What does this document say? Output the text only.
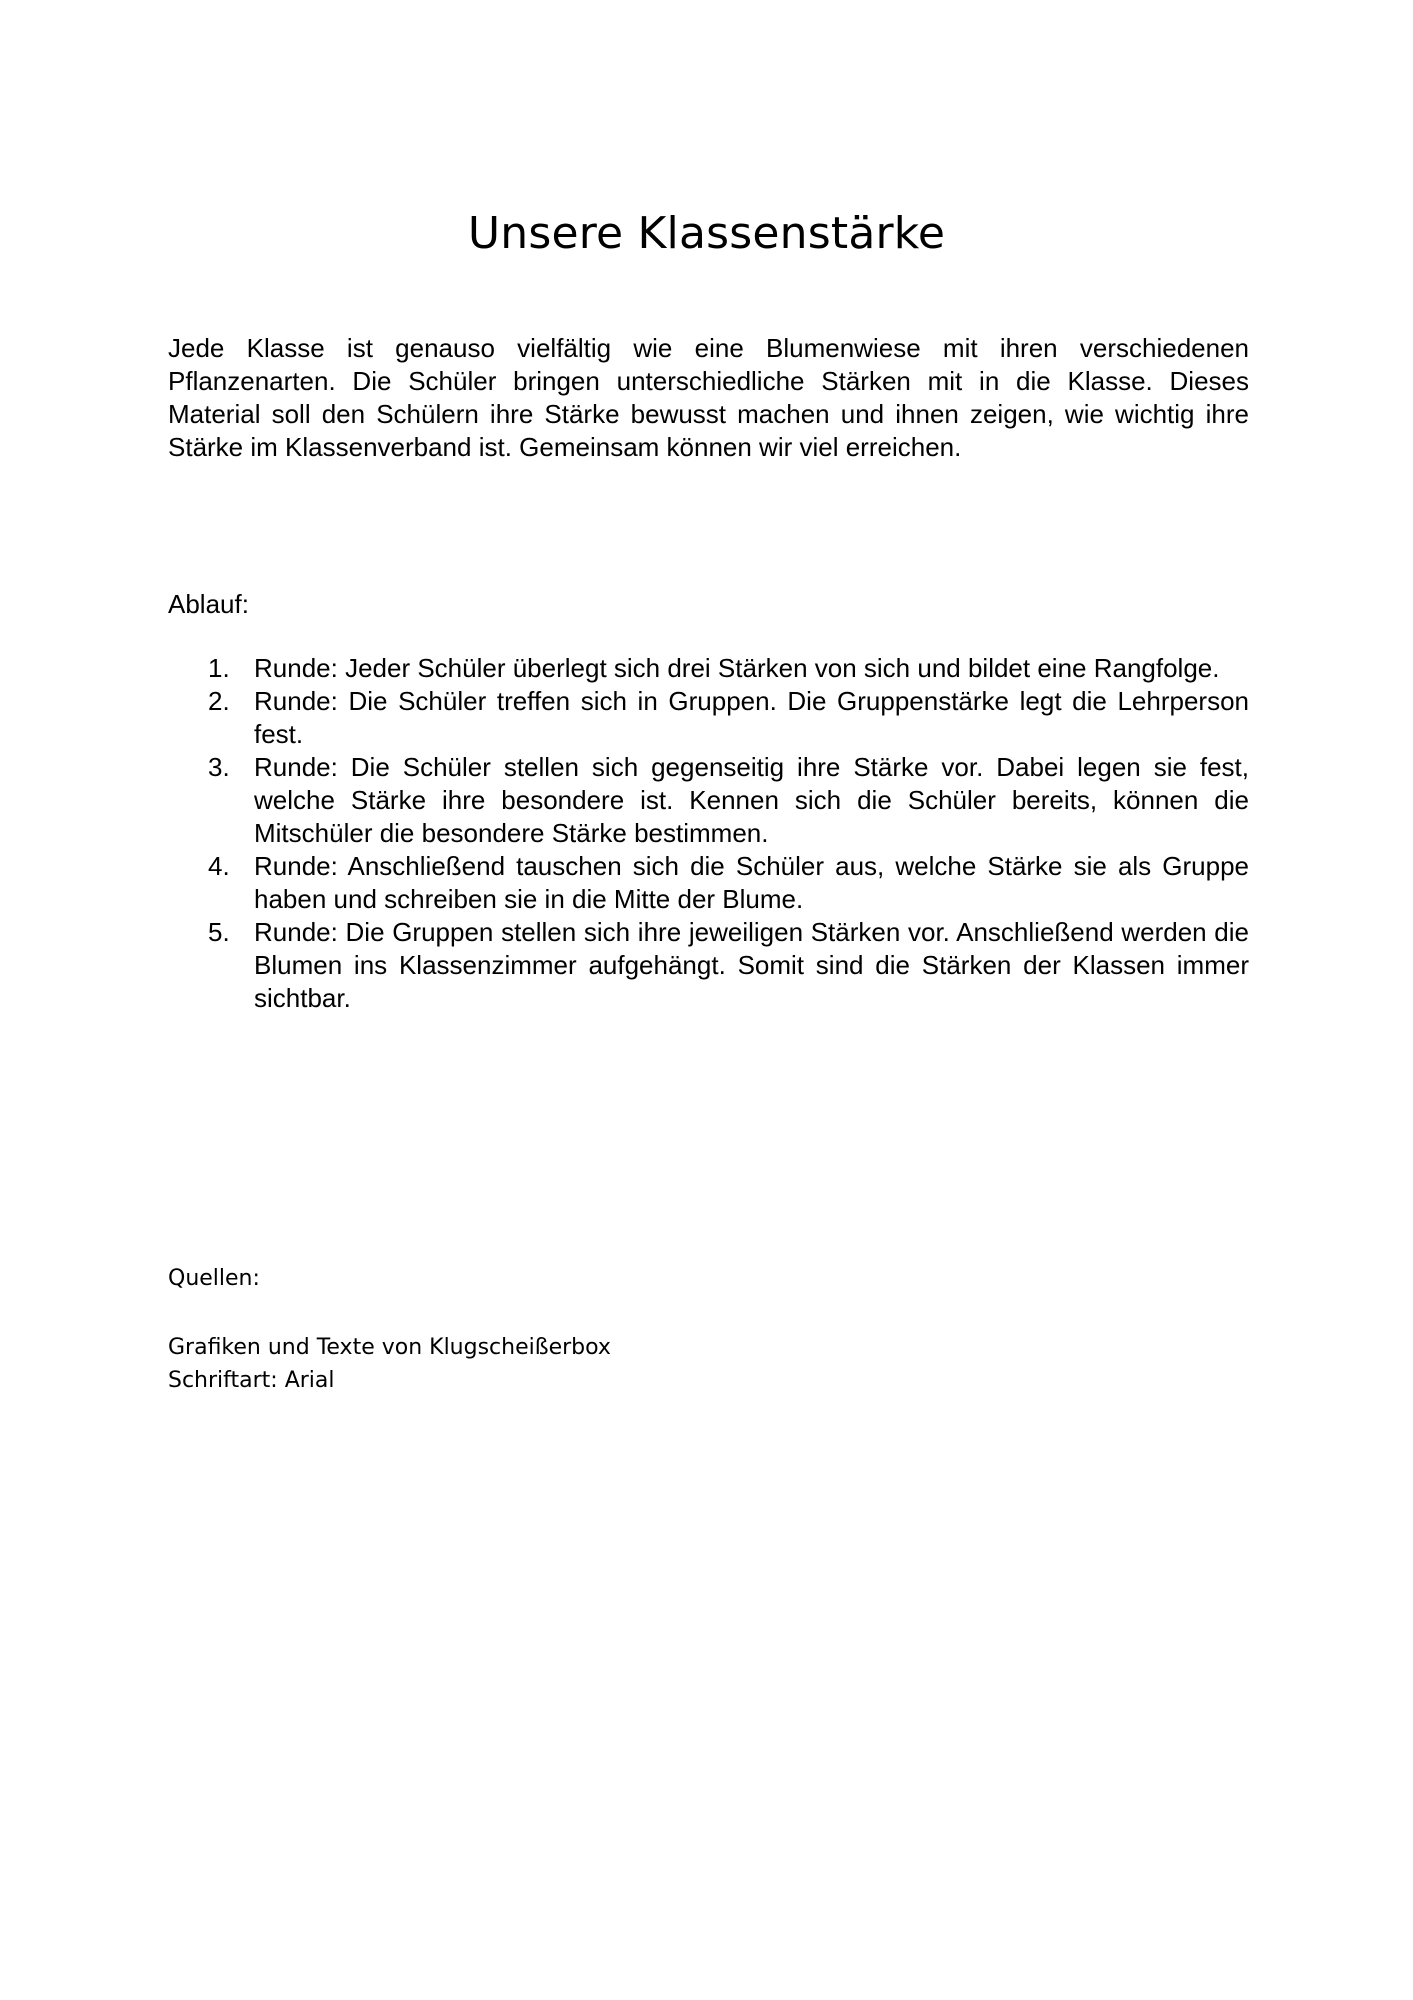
Unsere Klassenstärke

Jede Klasse ist genauso vielfältig wie eine Blumenwiese mit ihren verschiedenen Pflanzenarten. Die Schüler bringen unterschiedliche Stärken mit in die Klasse. Dieses Material soll den Schülern ihre Stärke bewusst machen und ihnen zeigen, wie wichtig ihre Stärke im Klassenverband ist. Gemeinsam können wir viel erreichen.

Ablauf:

1. Runde: Jeder Schüler überlegt sich drei Stärken von sich und bildet eine Rangfolge.
2. Runde: Die Schüler treffen sich in Gruppen. Die Gruppenstärke legt die Lehrperson fest.
3. Runde: Die Schüler stellen sich gegenseitig ihre Stärke vor. Dabei legen sie fest, welche Stärke ihre besondere ist. Kennen sich die Schüler bereits, können die Mitschüler die besondere Stärke bestimmen.
4. Runde: Anschließend tauschen sich die Schüler aus, welche Stärke sie als Gruppe haben und schreiben sie in die Mitte der Blume.
5. Runde: Die Gruppen stellen sich ihre jeweiligen Stärken vor. Anschließend werden die Blumen ins Klassenzimmer aufgehängt. Somit sind die Stärken der Klassen immer sichtbar.

Quellen:

Grafiken und Texte von Klugscheißerbox
Schriftart: Arial
